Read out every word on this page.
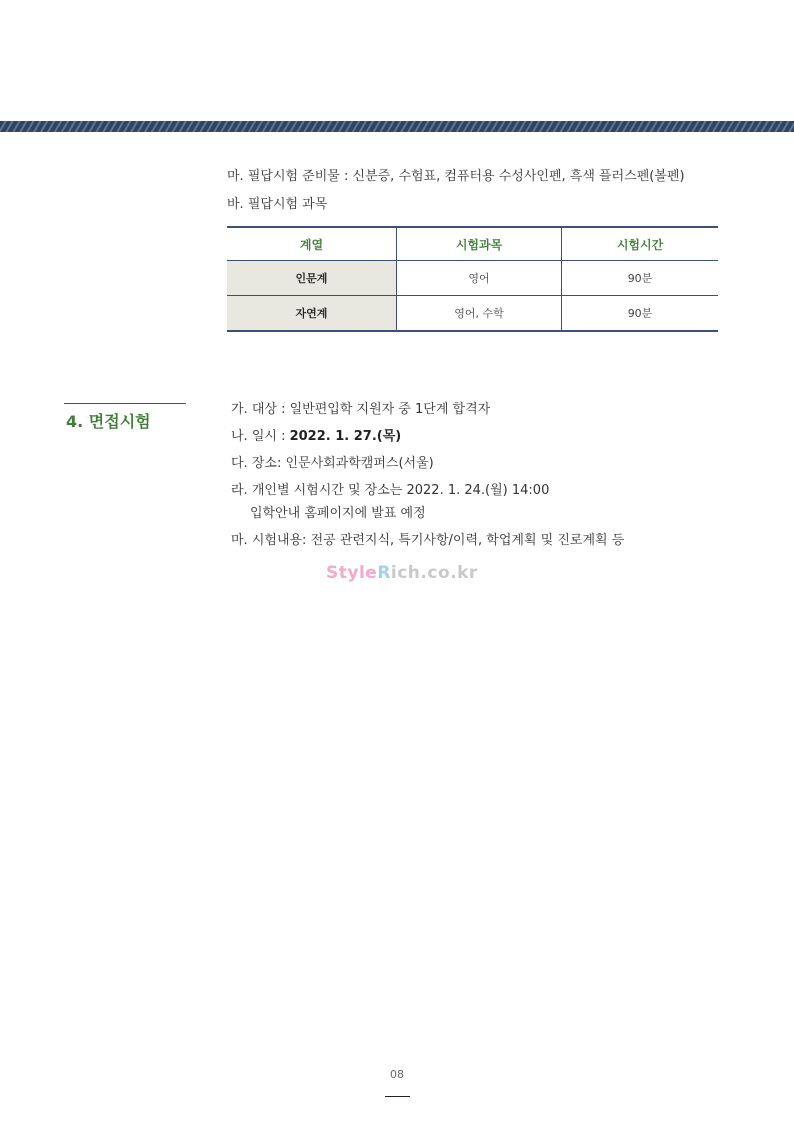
마. 필답시험 준비물 : 신분증, 수험표, 컴퓨터용 수성사인펜, 흑색 플러스펜(볼펜)
바. 필답시험 과목
계열	시험과목	시험시간
인문계	영어	90분
자연계	영어, 수학	90분
4. 면접시험
가. 대상 : 일반편입학 지원자 중 1단계 합격자
나. 일시 : 2022. 1. 27.(목)
다. 장소: 인문사회과학캠퍼스(서울)
라. 개인별 시험시간 및 장소는 2022. 1. 24.(월) 14:00
입학안내 홈페이지에 발표 예정
마. 시험내용: 전공 관련지식, 특기사항/이력, 학업계획 및 진로계획 등
StyleRich.co.kr
08
